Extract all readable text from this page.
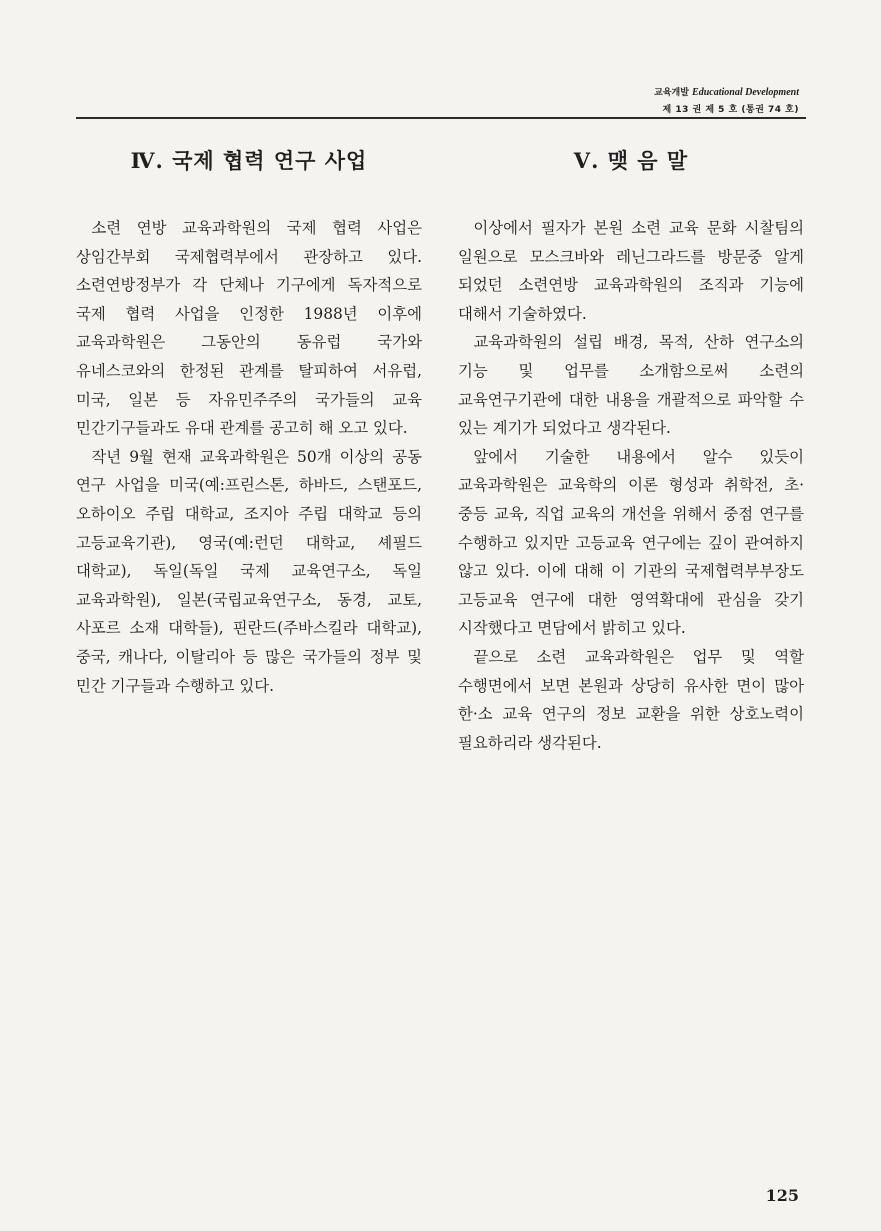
교육개발 Educational Development
제 13 권 제 5 호 (통권 74 호)
Ⅳ. 국제 협력 연구 사업

소련 연방 교육과학원의 국제 협력 사업은 상임간부회 국제협력부에서 관장하고 있다. 소련연방정부가 각 단체나 기구에게 독자적으로 국제 협력 사업을 인정한 1988년 이후에 교육과학원은 그동안의 동유럽 국가와 유네스코와의 한정된 관계를 탈피하여 서유럽, 미국, 일본 등 자유민주주의 국가들의 교육 민간기구들과도 유대 관계를 공고히 해 오고 있다.

작년 9월 현재 교육과학원은 50개 이상의 공동 연구 사업을 미국(예:프린스톤, 하바드, 스탠포드, 오하이오 주립 대학교, 조지아 주립 대학교 등의 고등교육기관), 영국(예:런던 대학교, 셰필드 대학교), 독일(독일 국제 교육연구소, 독일 교육과학원), 일본(국립교육연구소, 동경, 교토, 사포르 소재 대학들), 핀란드(주바스킬라 대학교), 중국, 캐나다, 이탈리아 등 많은 국가들의 정부 및 민간 기구들과 수행하고 있다.

Ⅴ. 맺 음 말

이상에서 필자가 본원 소련 교육 문화 시찰팀의 일원으로 모스크바와 레닌그라드를 방문중 알게 되었던 소련연방 교육과학원의 조직과 기능에 대해서 기술하였다.

교육과학원의 설립 배경, 목적, 산하 연구소의 기능 및 업무를 소개함으로써 소련의 교육연구기관에 대한 내용을 개괄적으로 파악할 수 있는 계기가 되었다고 생각된다.

앞에서 기술한 내용에서 알수 있듯이 교육과학원은 교육학의 이론 형성과 취학전, 초·중등 교육, 직업 교육의 개선을 위해서 중점 연구를 수행하고 있지만 고등교육 연구에는 깊이 관여하지 않고 있다. 이에 대해 이 기관의 국제협력부부장도 고등교육 연구에 대한 영역확대에 관심을 갖기 시작했다고 면담에서 밝히고 있다.

끝으로 소련 교육과학원은 업무 및 역할 수행면에서 보면 본원과 상당히 유사한 면이 많아 한·소 교육 연구의 정보 교환을 위한 상호노력이 필요하리라 생각된다.

125
